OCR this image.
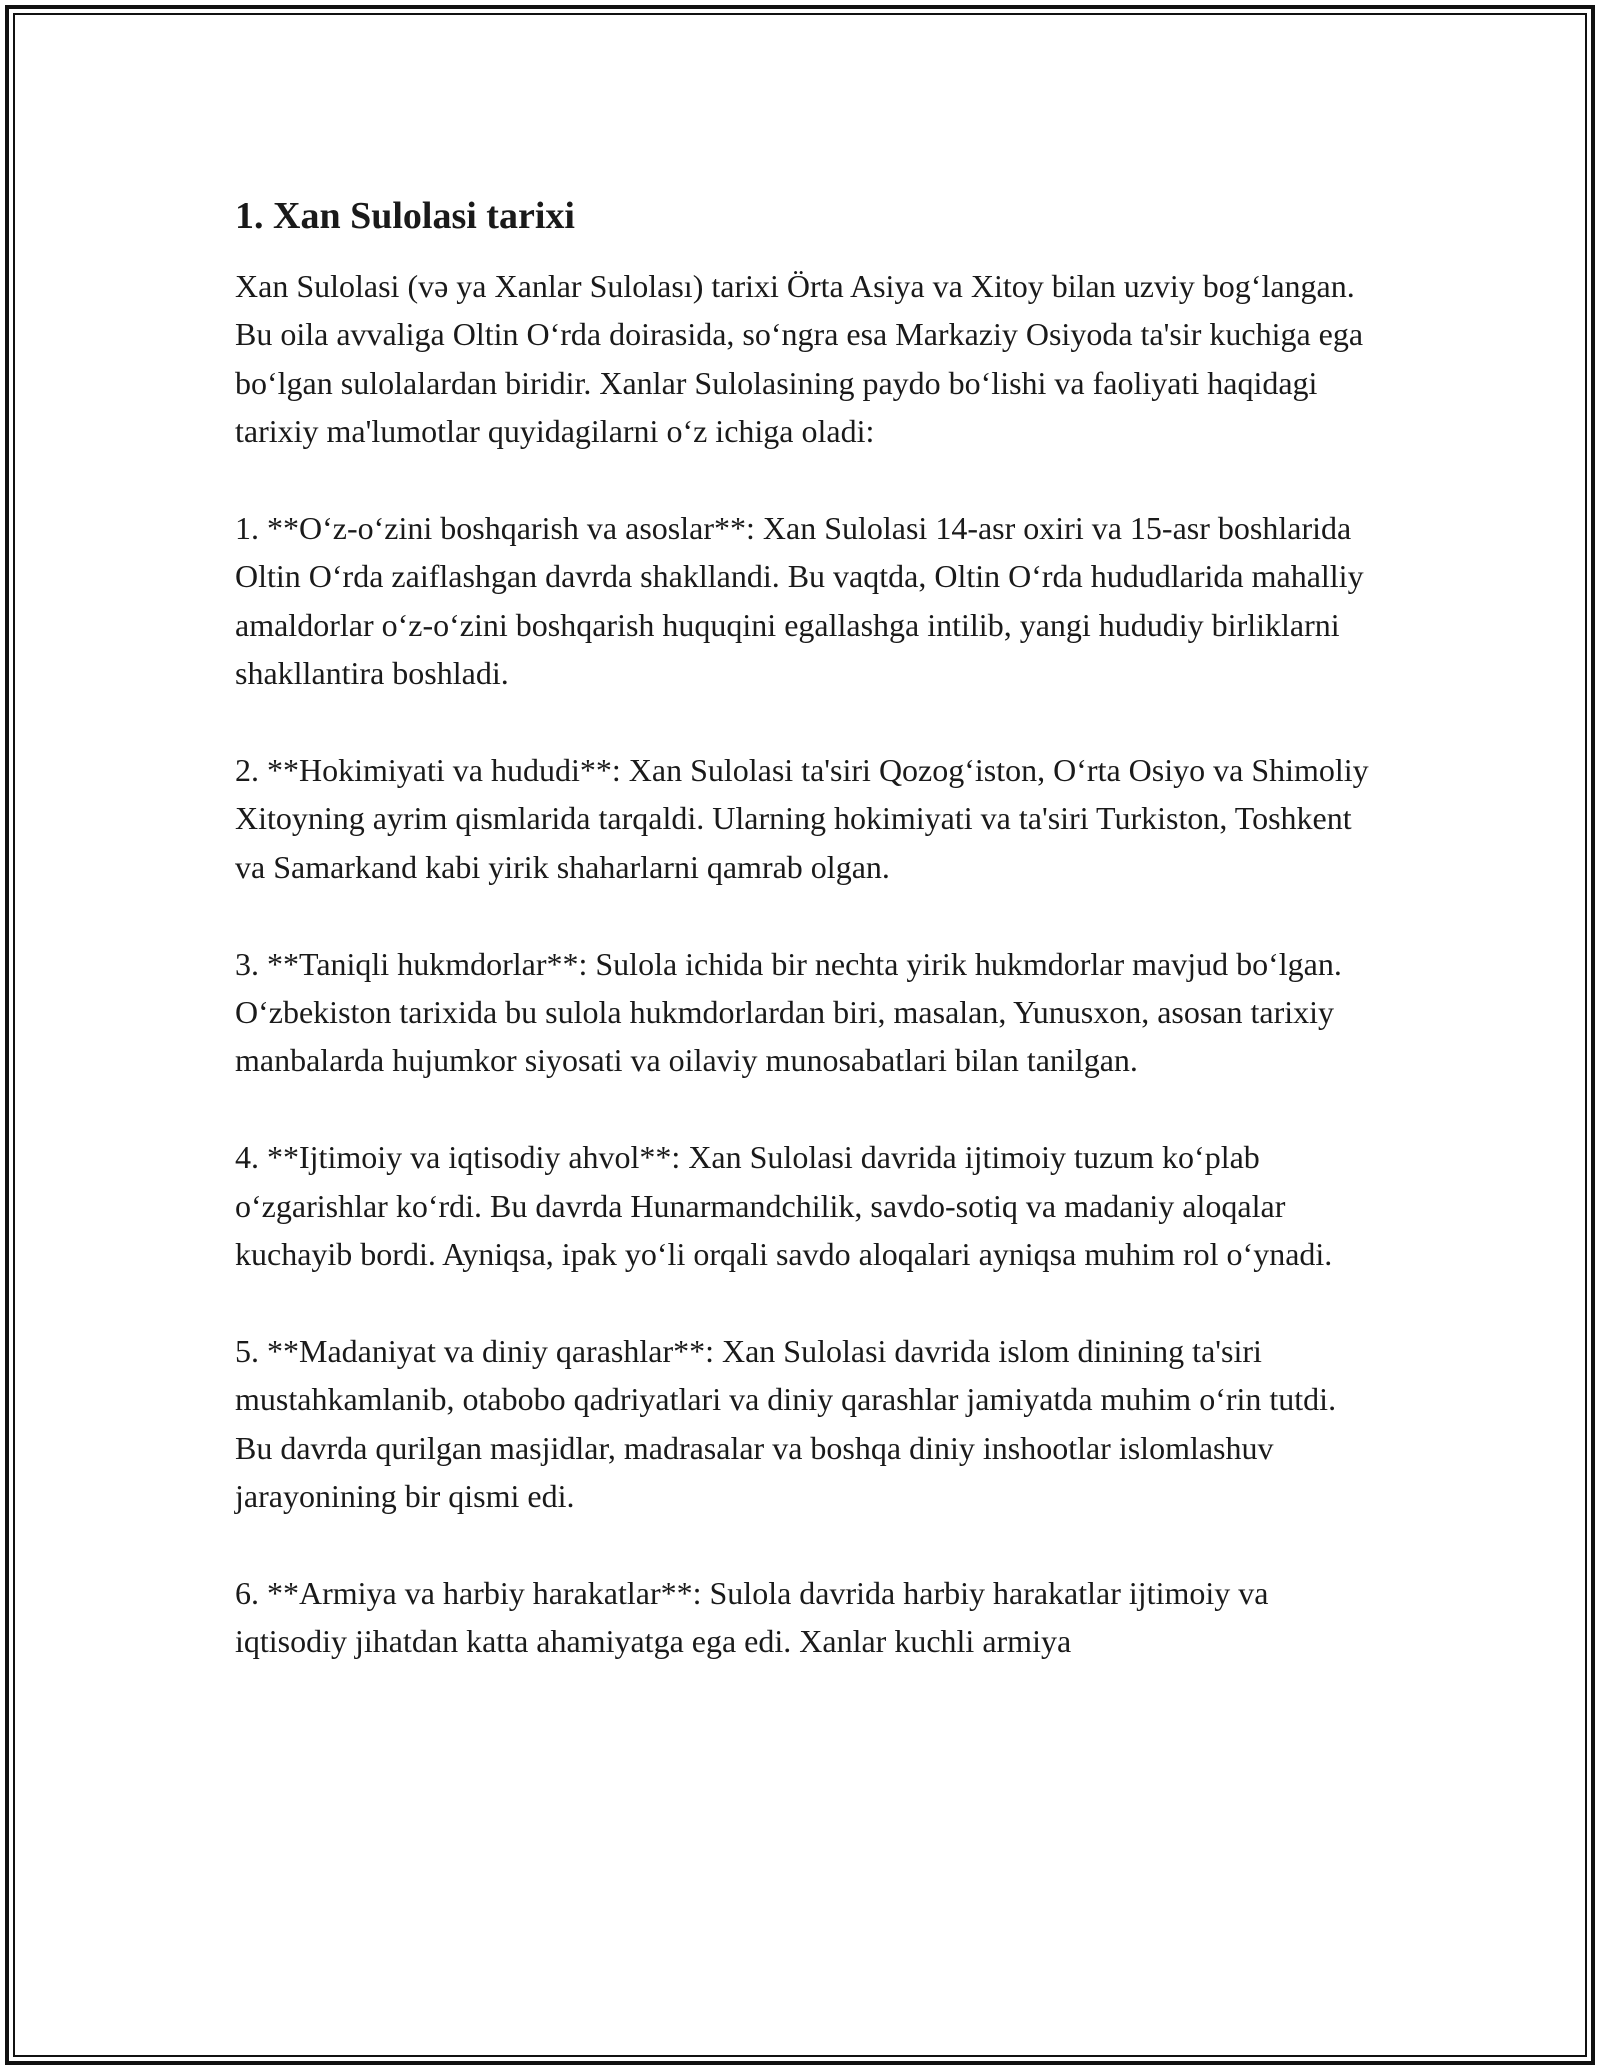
1. Xan Sulolasi tarixi

Xan Sulolasi (və ya Xanlar Sulolası) tarixi Örta Asiya va Xitoy bilan uzviy bogʻlangan. Bu oila avvaliga Oltin Oʻrda doirasida, soʻngra esa Markaziy Osiyoda ta'sir kuchiga ega boʻlgan sulolalardan biridir. Xanlar Sulolasining paydo boʻlishi va faoliyati haqidagi tarixiy ma'lumotlar quyidagilarni oʻz ichiga oladi:

1. **Oʻz-oʻzini boshqarish va asoslar**: Xan Sulolasi 14-asr oxiri va 15-asr boshlarida Oltin Oʻrda zaiflashgan davrda shakllandi. Bu vaqtda, Oltin Oʻrda hududlarida mahalliy amaldorlar oʻz-oʻzini boshqarish huquqini egallashga intilib, yangi hududiy birliklarni shakllantira boshladi.

2. **Hokimiyati va hududi**: Xan Sulolasi ta'siri Qozogʻiston, Oʻrta Osiyo va Shimoliy Xitoyning ayrim qismlarida tarqaldi. Ularning hokimiyati va ta'siri Turkiston, Toshkent va Samarkand kabi yirik shaharlarni qamrab olgan.

3. **Taniqli hukmdorlar**: Sulola ichida bir nechta yirik hukmdorlar mavjud boʻlgan. Oʻzbekiston tarixida bu sulola hukmdorlardan biri, masalan, Yunusxon, asosan tarixiy manbalarda hujumkor siyosati va oilaviy munosabatlari bilan tanilgan.

4. **Ijtimoiy va iqtisodiy ahvol**: Xan Sulolasi davrida ijtimoiy tuzum koʻplab oʻzgarishlar koʻrdi. Bu davrda Hunarmandchilik, savdo-sotiq va madaniy aloqalar kuchayib bordi. Ayniqsa, ipak yoʻli orqali savdo aloqalari ayniqsa muhim rol oʻynadi.

5. **Madaniyat va diniy qarashlar**: Xan Sulolasi davrida islom dinining ta'siri mustahkamlanib, otabobo qadriyatlari va diniy qarashlar jamiyatda muhim oʻrin tutdi. Bu davrda qurilgan masjidlar, madrasalar va boshqa diniy inshootlar islomlashuv jarayonining bir qismi edi.

6. **Armiya va harbiy harakatlar**: Sulola davrida harbiy harakatlar ijtimoiy va iqtisodiy jihatdan katta ahamiyatga ega edi. Xanlar kuchli armiya
